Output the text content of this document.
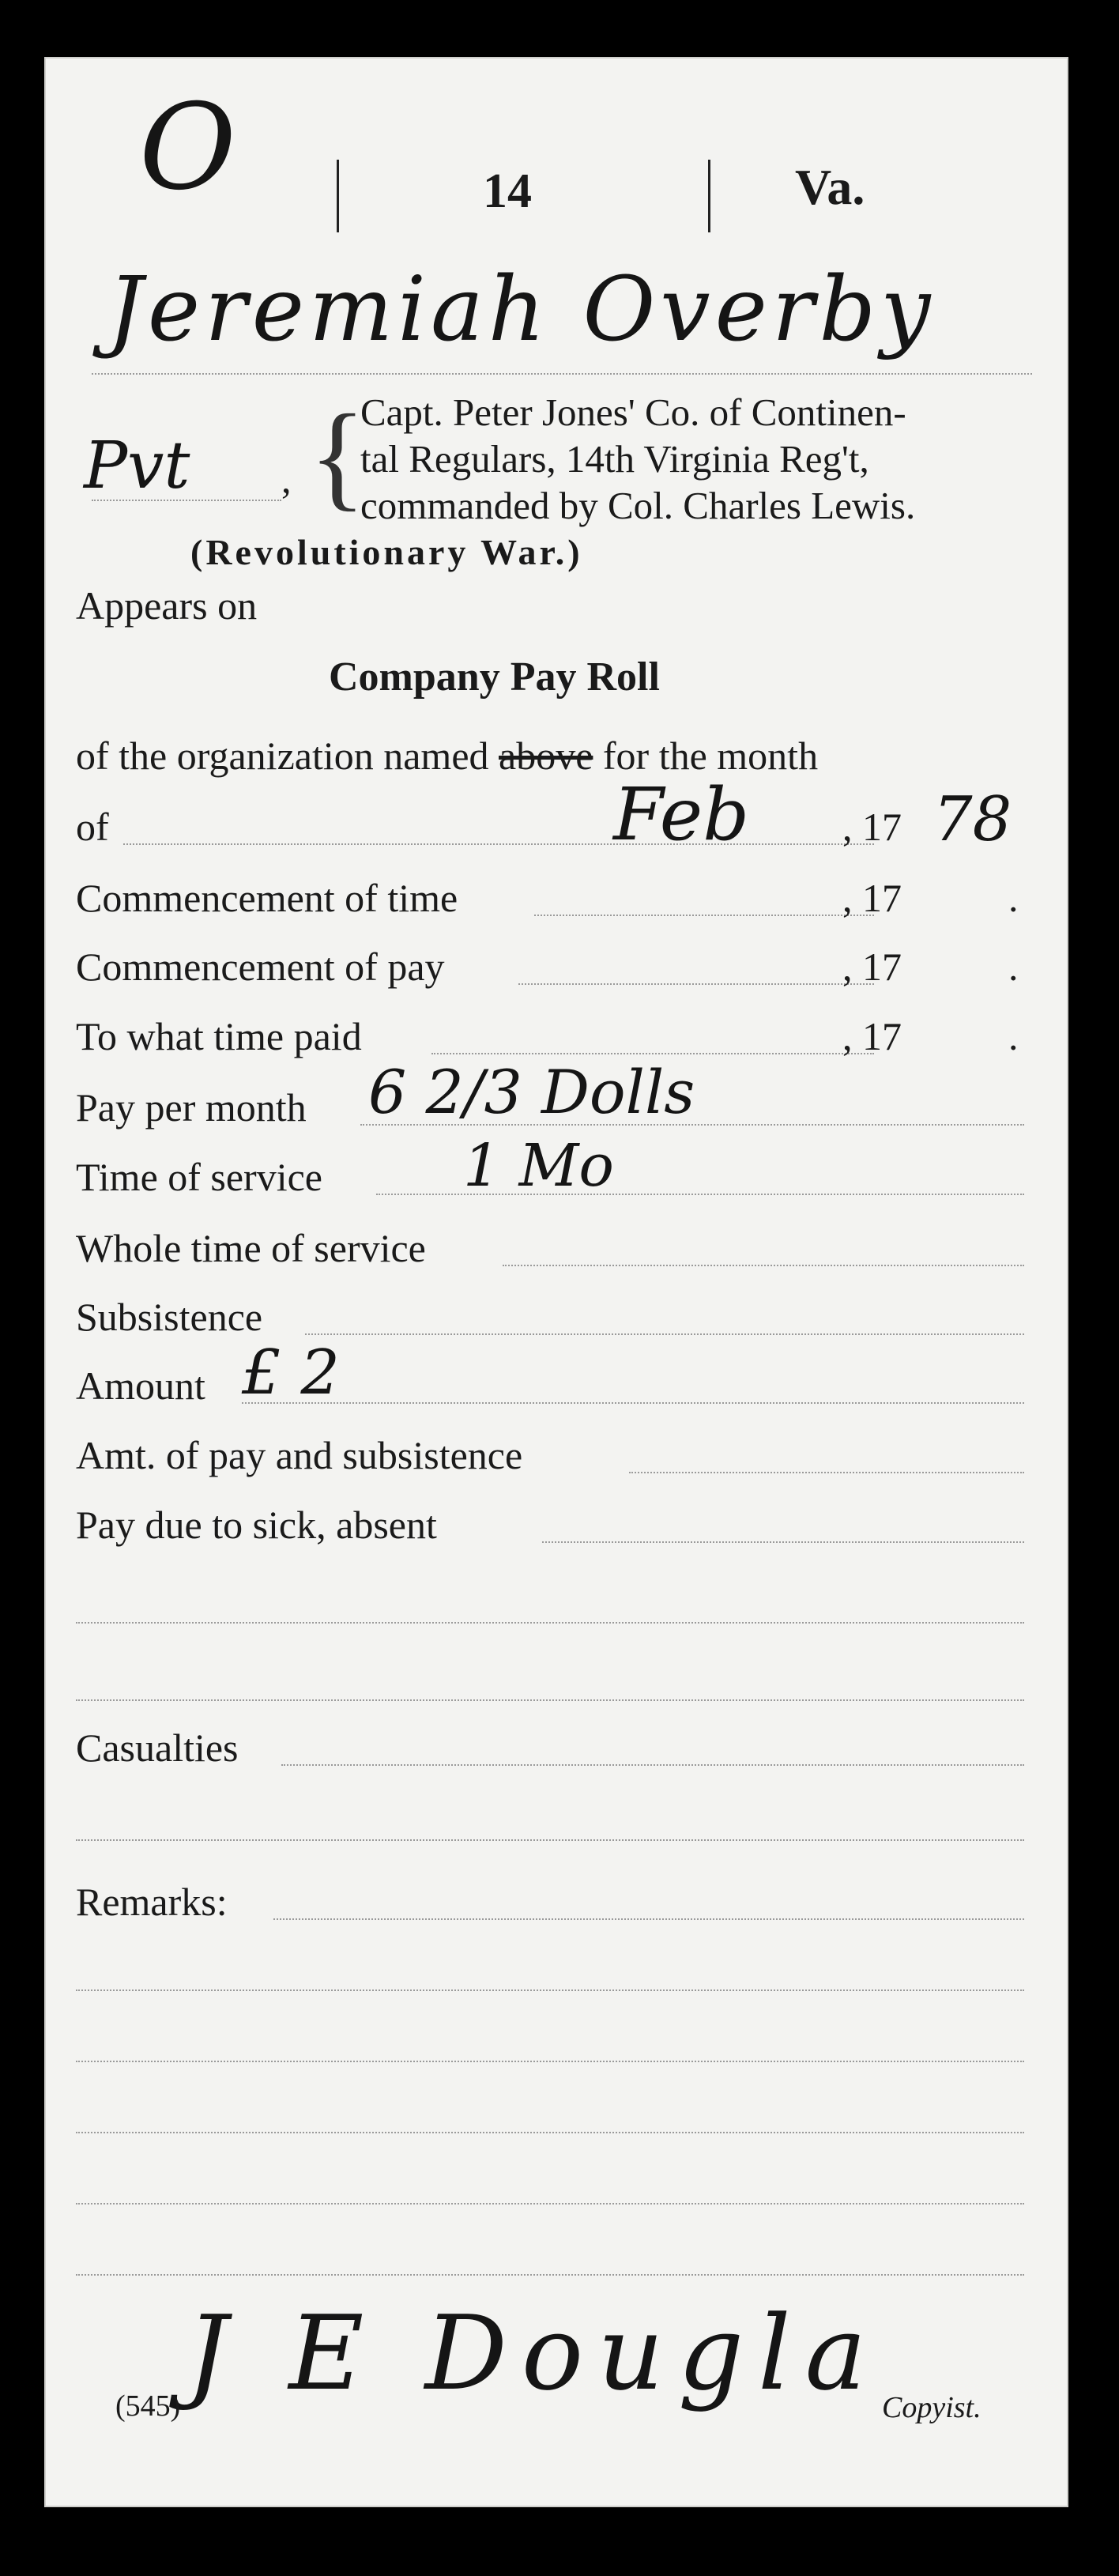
O	14	Va.
Jeremiah Overby
Pvt , {
Capt. Peter Jones' Co. of Continen-
tal Regulars, 14th Virginia Reg't,
commanded by Col. Charles Lewis.
(Revolutionary War.)
Appears on
Company Pay Roll
of the organization named above for the month
of	Feb , 17 78
Commencement of time	, 17	.
Commencement of pay	, 17	.
To what time paid	, 17	.
Pay per month 6 2/3 Dolls
Time of service 1 Mo
Whole time of service
Subsistence
Amount £ 2
Amt. of pay and subsistence
Pay due to sick, absent
Casualties
Remarks:
J E Dougla
(545)	Copyist.
